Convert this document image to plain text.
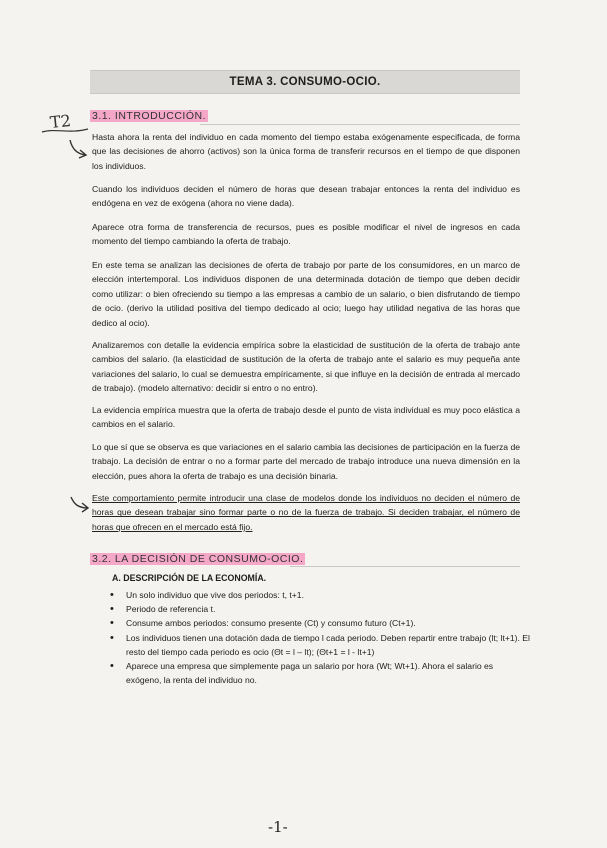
TEMA 3. CONSUMO-OCIO.
T2 3.1. INTRODUCCIÓN.

Hasta ahora la renta del individuo en cada momento del tiempo estaba exógenamente especificada, de forma que las decisiones de ahorro (activos) son la única forma de transferir recursos en el tiempo de que disponen los individuos.

Cuando los individuos deciden el número de horas que desean trabajar entonces la renta del individuo es endógena en vez de exógena (ahora no viene dada).

Aparece otra forma de transferencia de recursos, pues es posible modificar el nivel de ingresos en cada momento del tiempo cambiando la oferta de trabajo.

En este tema se analizan las decisiones de oferta de trabajo por parte de los consumidores, en un marco de elección intertemporal. Los individuos disponen de una determinada dotación de tiempo que deben decidir como utilizar: o bien ofreciendo su tiempo a las empresas a cambio de un salario, o bien disfrutando de tiempo de ocio. (derivo la utilidad positiva del tiempo dedicado al ocio; luego hay utilidad negativa de las horas que dedico al ocio).

Analizaremos con detalle la evidencia empírica sobre la elasticidad de sustitución de la oferta de trabajo ante cambios del salario. (la elasticidad de sustitución de la oferta de trabajo ante el salario es muy pequeña ante variaciones del salario, lo cual se demuestra empíricamente, si que influye en la decisión de entrada al mercado de trabajo). (modelo alternativo: decidir si entro o no entro).

La evidencia empírica muestra que la oferta de trabajo desde el punto de vista individual es muy poco elástica a cambios en el salario.

Lo que sí que se observa es que variaciones en el salario cambia las decisiones de participación en la fuerza de trabajo. La decisión de entrar o no a formar parte del mercado de trabajo introduce una nueva dimensión en la elección, pues ahora la oferta de trabajo es una decisión binaria.

Este comportamiento permite introducir una clase de modelos donde los individuos no deciden el número de horas que desean trabajar sino formar parte o no de la fuerza de trabajo. Si deciden trabajar, el número de horas que ofrecen en el mercado está fijo.

3.2. LA DECISIÓN DE CONSUMO-OCIO.
A. DESCRIPCIÓN DE LA ECONOMÍA.
• Un solo individuo que vive dos periodos: t, t+1.
• Periodo de referencia t.
• Consume ambos periodos: consumo presente (Ct) y consumo futuro (Ct+1).
• Los individuos tienen una dotación dada de tiempo l cada periodo. Deben repartir entre trabajo (lt; lt+1). El resto del tiempo cada periodo es ocio (Θt = l – lt); (Θt+1 = l - lt+1)
• Aparece una empresa que simplemente paga un salario por hora (Wt; Wt+1). Ahora el salario es exógeno, la renta del individuo no.
-1-
